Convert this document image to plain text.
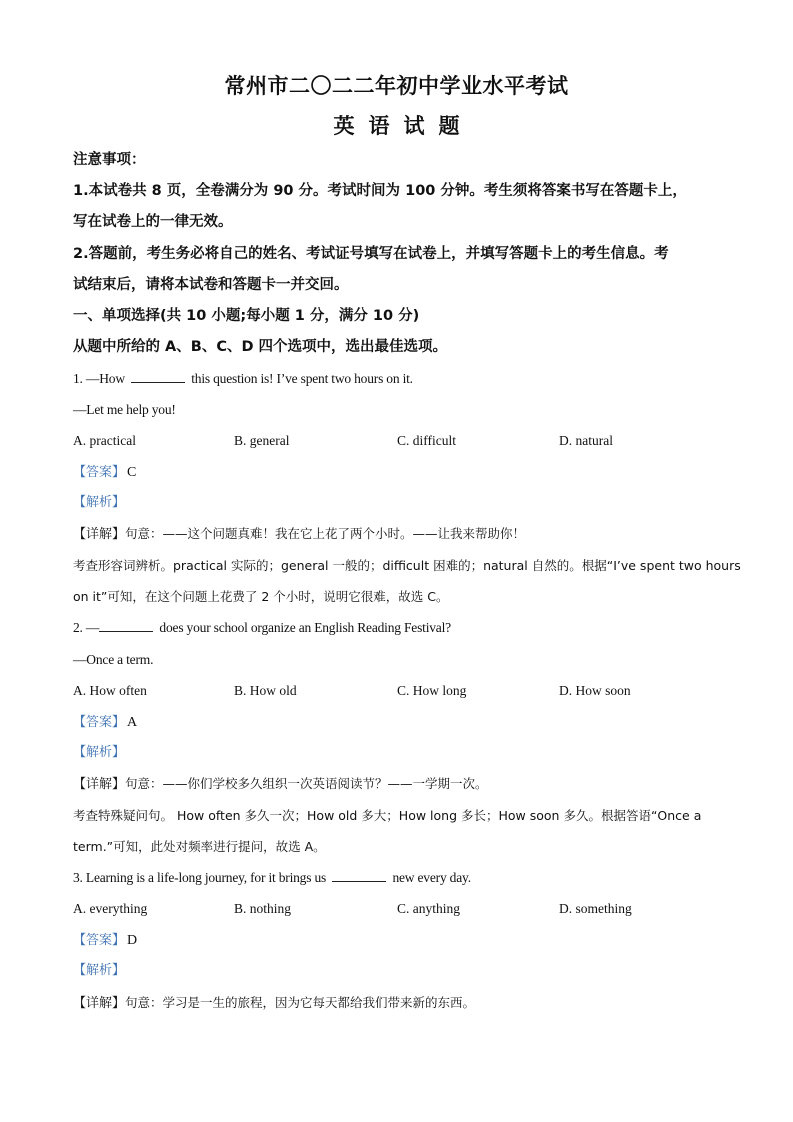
常州市二〇二二年初中学业水平考试
英语试题
注意事项：
1.本试卷共 8 页，全卷满分为 90 分。考试时间为 100 分钟。考生须将答案书写在答题卡上，
写在试卷上的一律无效。
2.答题前，考生务必将自己的姓名、考试证号填写在试卷上，并填写答题卡上的考生信息。考
试结束后，请将本试卷和答题卡一并交回。
一、单项选择(共 10 小题;每小题 1 分，满分 10 分)
从题中所给的 A、B、C、D 四个选项中，选出最佳选项。
1. —How	this question is! I’ve spent two hours on it.
—Let me help you!
A. practical	B. general	C. difficult	D. natural
【答案】 C
【解析】
【详解】句意：——这个问题真难！我在它上花了两个小时。——让我来帮助你！
考查形容词辨析。practical 实际的；general 一般的；difficult 困难的；natural 自然的。根据“I’ve spent two hours
on it”可知，在这个问题上花费了 2 个小时，说明它很难，故选 C。
2. —	does your school organize an English Reading Festival?
—Once a term.
A. How often	B. How old	C. How long	D. How soon
【答案】 A
【解析】
【详解】句意：——你们学校多久组织一次英语阅读节？——一学期一次。
考查特殊疑问句。 How often 多久一次；How old 多大；How long 多长；How soon 多久。根据答语“Once a
term.”可知，此处对频率进行提问，故选 A。
3. Learning is a life-long journey, for it brings us	new every day.
A. everything	B. nothing	C. anything	D. something
【答案】 D
【解析】
【详解】句意：学习是一生的旅程，因为它每天都给我们带来新的东西。
